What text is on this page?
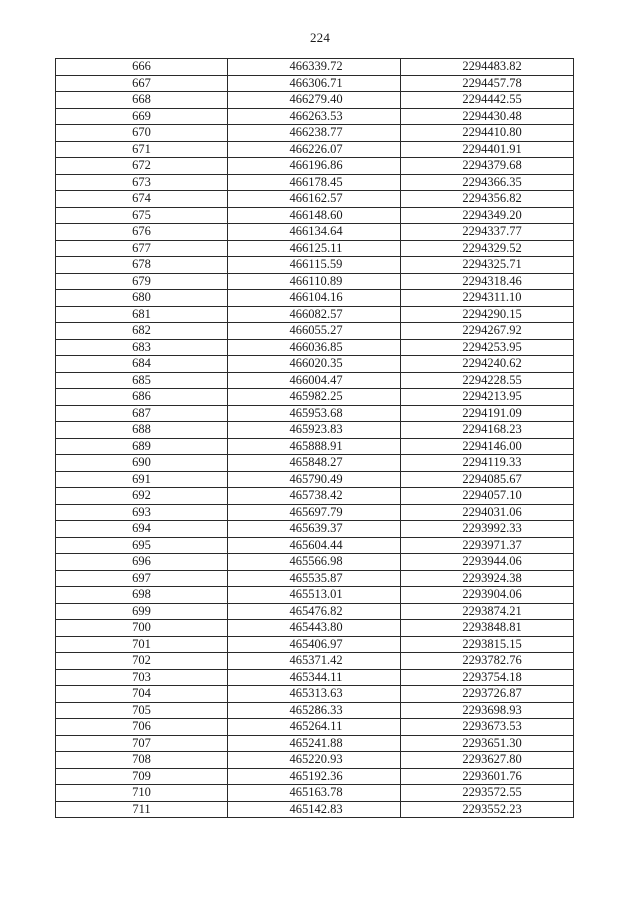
224
666	466339.72	2294483.82
667	466306.71	2294457.78
668	466279.40	2294442.55
669	466263.53	2294430.48
670	466238.77	2294410.80
671	466226.07	2294401.91
672	466196.86	2294379.68
673	466178.45	2294366.35
674	466162.57	2294356.82
675	466148.60	2294349.20
676	466134.64	2294337.77
677	466125.11	2294329.52
678	466115.59	2294325.71
679	466110.89	2294318.46
680	466104.16	2294311.10
681	466082.57	2294290.15
682	466055.27	2294267.92
683	466036.85	2294253.95
684	466020.35	2294240.62
685	466004.47	2294228.55
686	465982.25	2294213.95
687	465953.68	2294191.09
688	465923.83	2294168.23
689	465888.91	2294146.00
690	465848.27	2294119.33
691	465790.49	2294085.67
692	465738.42	2294057.10
693	465697.79	2294031.06
694	465639.37	2293992.33
695	465604.44	2293971.37
696	465566.98	2293944.06
697	465535.87	2293924.38
698	465513.01	2293904.06
699	465476.82	2293874.21
700	465443.80	2293848.81
701	465406.97	2293815.15
702	465371.42	2293782.76
703	465344.11	2293754.18
704	465313.63	2293726.87
705	465286.33	2293698.93
706	465264.11	2293673.53
707	465241.88	2293651.30
708	465220.93	2293627.80
709	465192.36	2293601.76
710	465163.78	2293572.55
711	465142.83	2293552.23
